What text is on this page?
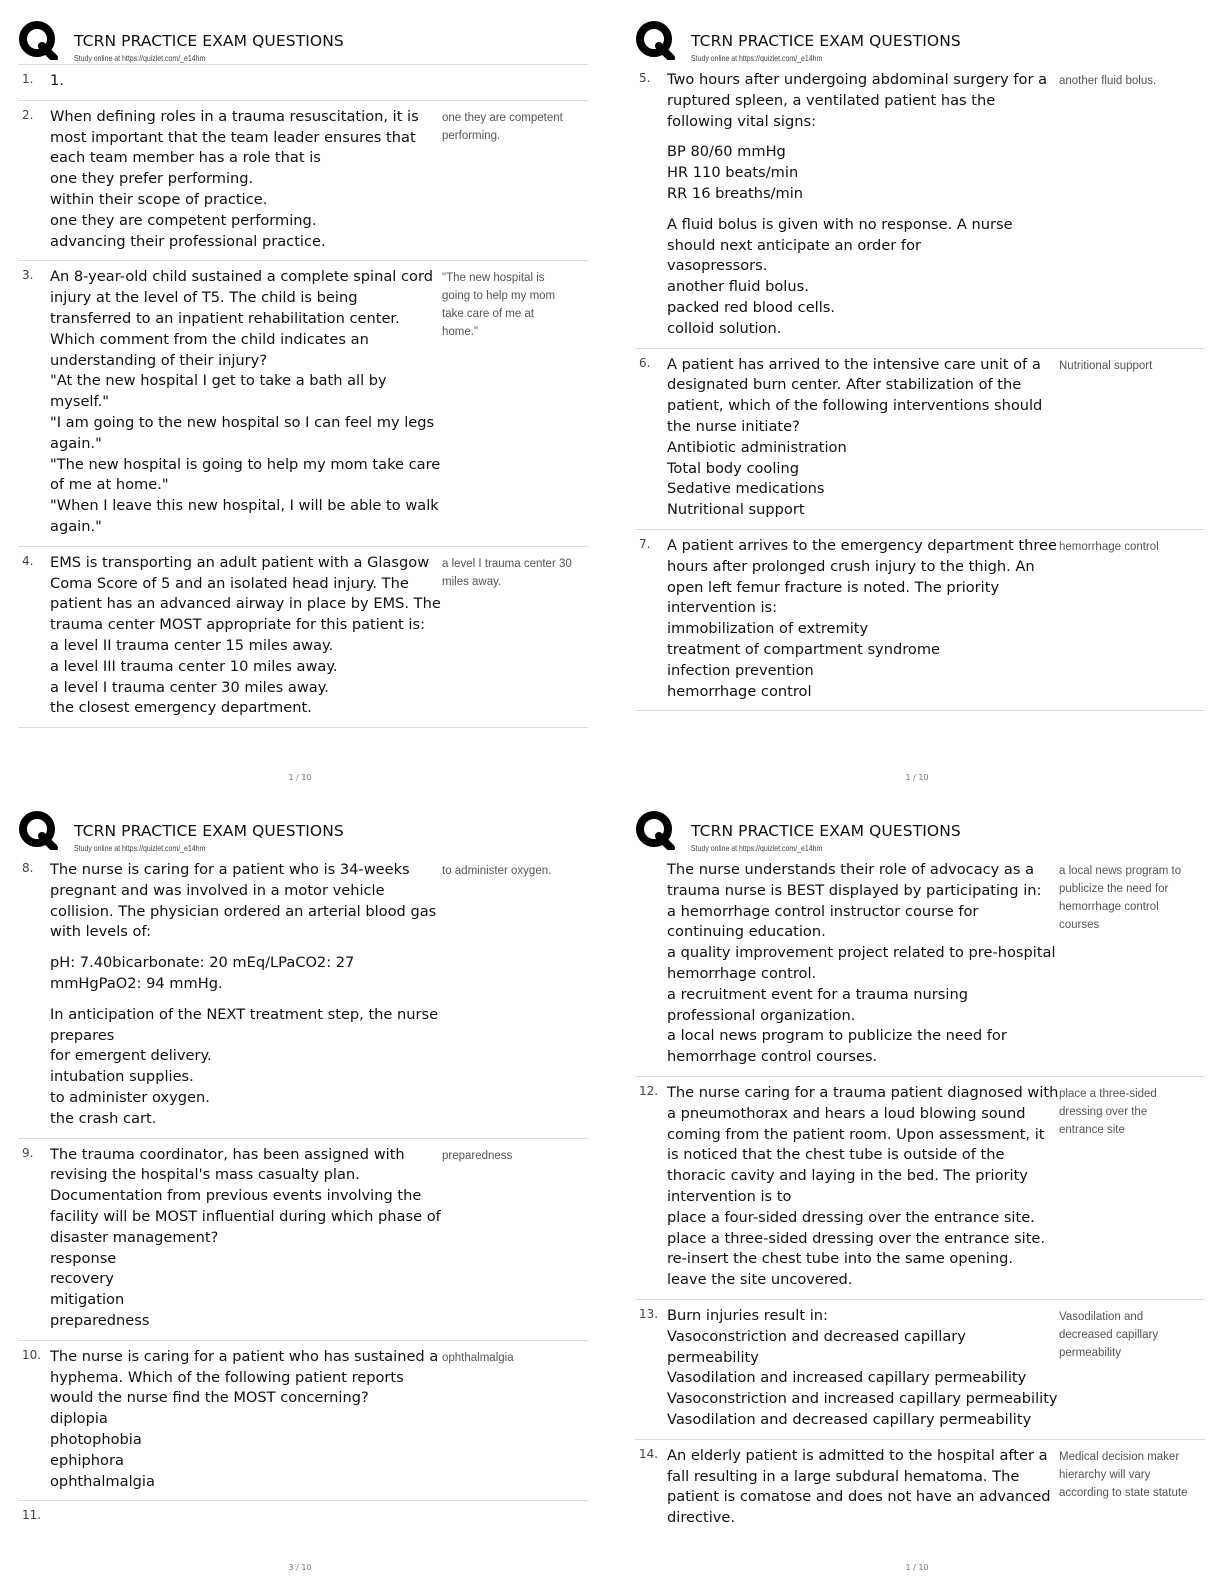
TCRN PRACTICE EXAM QUESTIONS
Study online at https://quizlet.com/_e14hm
1. 1.

2. When defining roles in a trauma resuscitation, it is most important that the team leader ensures that each team member has a role that is

one they prefer performing.
within their scope of practice.
one they are competent performing.
advancing their professional practice.
one they are competent performing.
3. An 8-year-old child sustained a complete spinal cord injury at the level of T5. The child is being transferred to an inpatient rehabilitation center. Which comment from the child indicates an understanding of their injury?

"At the new hospital I get to take a bath all by myself."
"I am going to the new hospital so I can feel my legs again."
"The new hospital is going to help my mom take care of me at home."
"When I leave this new hospital, I will be able to walk again."
"The new hospital is going to help my mom take care of me at home."
4. EMS is transporting an adult patient with a Glasgow Coma Score of 5 and an isolated head injury. The patient has an advanced airway in place by EMS. The trauma center MOST appropriate for this patient is:

a level II trauma center 15 miles away.
a level III trauma center 10 miles away.
a level I trauma center 30 miles away.
the closest emergency department.
a level I trauma center 30 miles away.
1 / 10
TCRN PRACTICE EXAM QUESTIONS
Study online at https://quizlet.com/_e14hm
5. Two hours after undergoing abdominal surgery for a ruptured spleen, a ventilated patient has the following vital signs:

BP 80/60 mmHg
HR 110 beats/min
RR 16 breaths/min

A fluid bolus is given with no response. A nurse should next anticipate an order for

vasopressors.
another fluid bolus.
packed red blood cells.
colloid solution.
another fluid bolus.
6. A patient has arrived to the intensive care unit of a designated burn center. After stabilization of the patient, which of the following interventions should the nurse initiate?

Antibiotic administration
Total body cooling
Sedative medications
Nutritional support
Nutritional support
7. A patient arrives to the emergency department three hours after prolonged crush injury to the thigh. An open left femur fracture is noted. The priority intervention is:

immobilization of extremity
treatment of compartment syndrome
infection prevention
hemorrhage control
hemorrhage control
1 / 10
TCRN PRACTICE EXAM QUESTIONS
Study online at https://quizlet.com/_e14hm
8. The nurse is caring for a patient who is 34-weeks pregnant and was involved in a motor vehicle collision. The physician ordered an arterial blood gas with levels of:

pH: 7.40bicarbonate: 20 mEq/LPaCO2: 27 mmHgPaO2: 94 mmHg.

In anticipation of the NEXT treatment step, the nurse prepares

for emergent delivery.
intubation supplies.
to administer oxygen.
the crash cart.
to administer oxygen.
9. The trauma coordinator, has been assigned with revising the hospital's mass casualty plan. Documentation from previous events involving the facility will be MOST influential during which phase of disaster management?

response
recovery
mitigation
preparedness
preparedness
10. The nurse is caring for a patient who has sustained a hyphema. Which of the following patient reports would the nurse find the MOST concerning?

diplopia
photophobia
ephiphora
ophthalmalgia
ophthalmalgia
11.

3 / 10
TCRN PRACTICE EXAM QUESTIONS
Study online at https://quizlet.com/_e14hm

The nurse understands their role of advocacy as a trauma nurse is BEST displayed by participating in:

a hemorrhage control instructor course for continuing education.
a quality improvement project related to pre-hospital hemorrhage control.
a recruitment event for a trauma nursing professional organization.
a local news program to publicize the need for hemorrhage control courses.
a local news program to publicize the need for hemorrhage control courses
12. The nurse caring for a trauma patient diagnosed with a pneumothorax and hears a loud blowing sound coming from the patient room. Upon assessment, it is noticed that the chest tube is outside of the thoracic cavity and laying in the bed. The priority intervention is to

place a four-sided dressing over the entrance site.
place a three-sided dressing over the entrance site.
re-insert the chest tube into the same opening.
leave the site uncovered.
place a three-sided dressing over the entrance site
13. Burn injuries result in:

Vasoconstriction and decreased capillary permeability
Vasodilation and increased capillary permeability
Vasoconstriction and increased capillary permeability
Vasodilation and decreased capillary permeability
Vasodilation and decreased capillary permeability
14. An elderly patient is admitted to the hospital after a fall resulting in a large subdural hematoma. The patient is comatose and does not have an advanced directive.

Medical decision maker hierarchy will vary according to state statute
1 / 10
